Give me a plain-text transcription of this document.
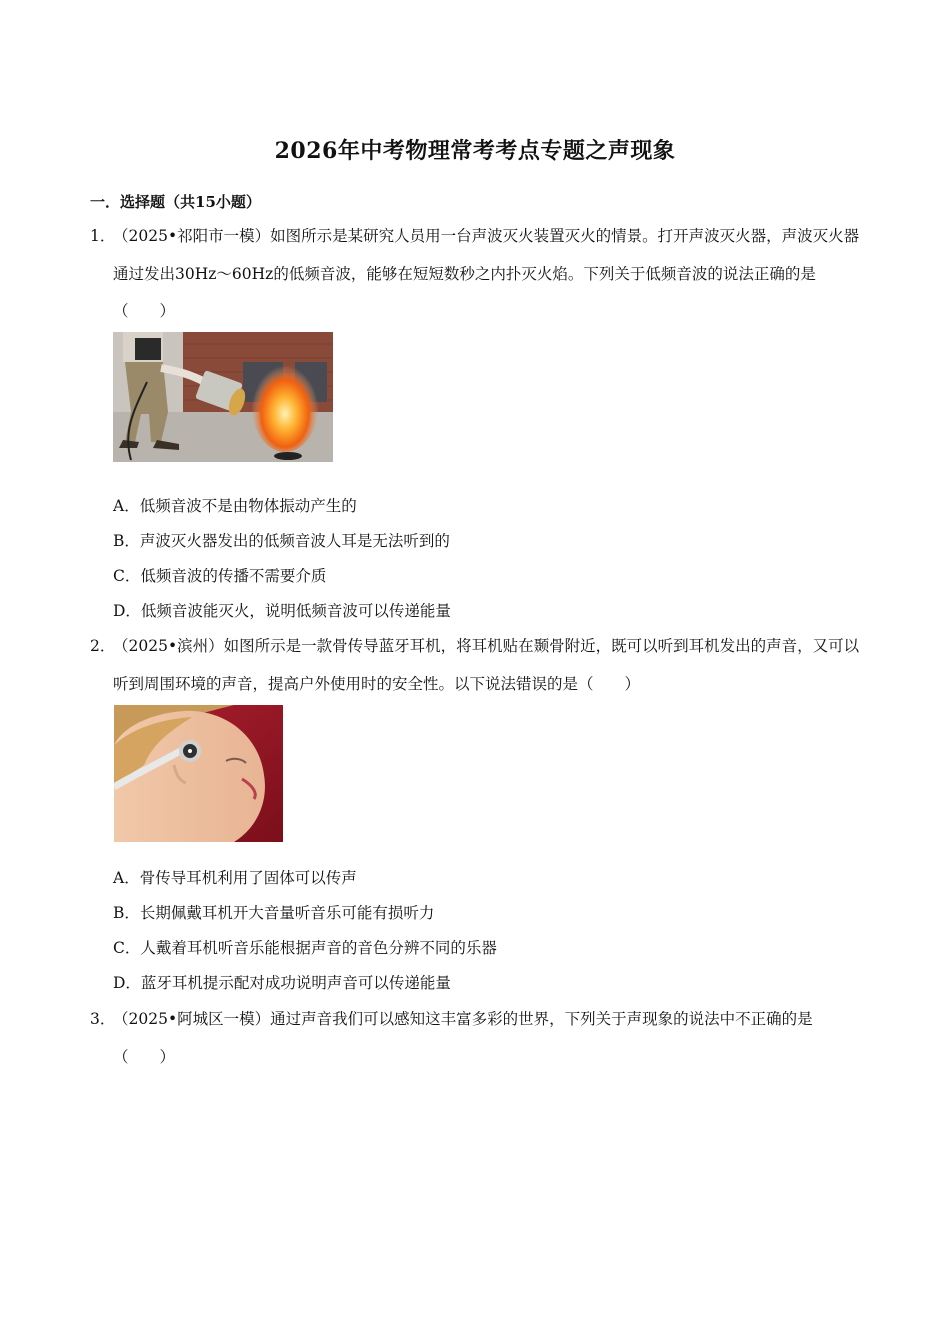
2026年中考物理常考考点专题之声现象
一．选择题（共15小题）
1．
（2025•祁阳市一模）如图所示是某研究人员用一台声波灭火装置灭火的情景。打开声波灭火器，声波灭火器通过发出30Hz～60Hz的低频音波，能够在短短数秒之内扑灭火焰。下列关于低频音波的说法正确的是（　　）
A．低频音波不是由物体振动产生的
B．声波灭火器发出的低频音波人耳是无法听到的
C．低频音波的传播不需要介质
D．低频音波能灭火，说明低频音波可以传递能量
2．
（2025•滨州）如图所示是一款骨传导蓝牙耳机，将耳机贴在颞骨附近，既可以听到耳机发出的声音，又可以听到周围环境的声音，提高户外使用时的安全性。以下说法错误的是（　　）
A．骨传导耳机利用了固体可以传声
B．长期佩戴耳机开大音量听音乐可能有损听力
C．人戴着耳机听音乐能根据声音的音色分辨不同的乐器
D．蓝牙耳机提示配对成功说明声音可以传递能量
3．
（2025•阿城区一模）通过声音我们可以感知这丰富多彩的世界，下列关于声现象的说法中不正确的是（　　）
